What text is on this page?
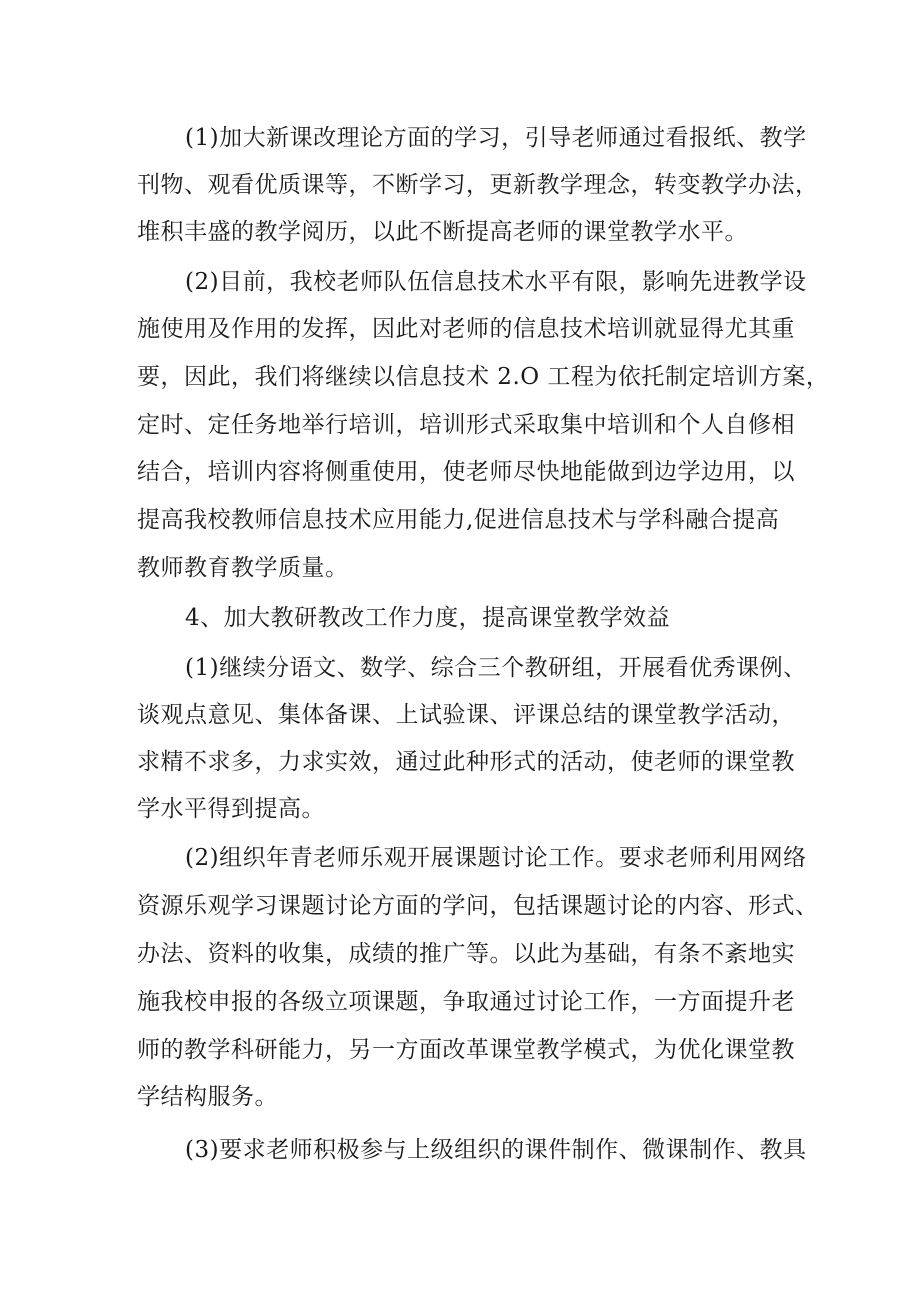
(1)加大新课改理论方面的学习，引导老师通过看报纸、教学
刊物、观看优质课等，不断学习，更新教学理念，转变教学办法，
堆积丰盛的教学阅历，以此不断提高老师的课堂教学水平。
(2)目前，我校老师队伍信息技术水平有限，影响先进教学设
施使用及作用的发挥，因此对老师的信息技术培训就显得尤其重
要，因此，我们将继续以信息技术 2.O 工程为依托制定培训方案，
定时、定任务地举行培训，培训形式采取集中培训和个人自修相
结合，培训内容将侧重使用，使老师尽快地能做到边学边用，以
提高我校教师信息技术应用能力,促进信息技术与学科融合提高
教师教育教学质量。
4、加大教研教改工作力度，提高课堂教学效益
(1)继续分语文、数学、综合三个教研组，开展看优秀课例、
谈观点意见、集体备课、上试验课、评课总结的课堂教学活动，
求精不求多，力求实效，通过此种形式的活动，使老师的课堂教
学水平得到提高。
(2)组织年青老师乐观开展课题讨论工作。要求老师利用网络
资源乐观学习课题讨论方面的学问，包括课题讨论的内容、形式、
办法、资料的收集，成绩的推广等。以此为基础，有条不紊地实
施我校申报的各级立项课题，争取通过讨论工作，一方面提升老
师的教学科研能力，另一方面改革课堂教学模式，为优化课堂教
学结构服务。
(3)要求老师积极参与上级组织的课件制作、微课制作、教具
